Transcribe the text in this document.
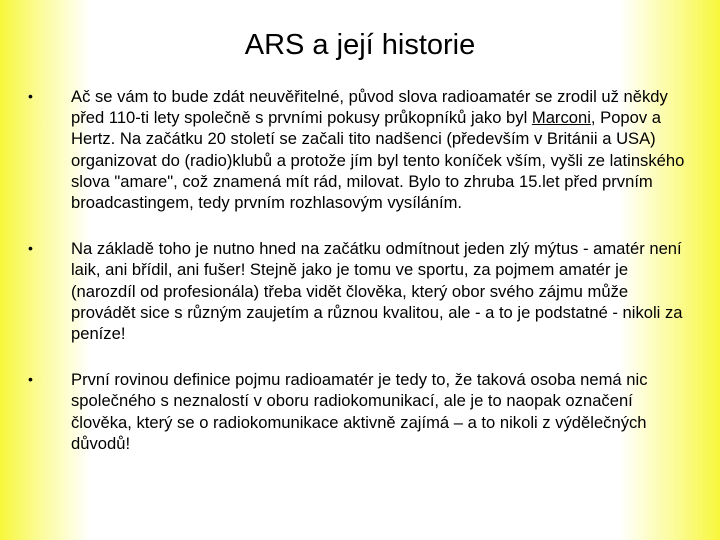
ARS a její historie
• Ač se vám to bude zdát neuvěřitelné, původ slova radioamatér se zrodil už někdy před 110-ti lety společně s prvními pokusy průkopníků jako byl Marconi, Popov a Hertz. Na začátku 20 století se začali tito nadšenci (především v Británii a USA) organizovat do (radio)klubů a protože jím byl tento koníček vším, vyšli ze latinského slova "amare", což znamená mít rád, milovat. Bylo to zhruba 15.let před prvním broadcastingem, tedy prvním rozhlasovým vysíláním.
• Na základě toho je nutno hned na začátku odmítnout jeden zlý mýtus - amatér není laik, ani břídil, ani fušer! Stejně jako je tomu ve sportu, za pojmem amatér je (narozdíl od profesionála) třeba vidět člověka, který obor svého zájmu může provádět sice s různým zaujetím a různou kvalitou, ale - a to je podstatné - nikoli za peníze!
• První rovinou definice pojmu radioamatér je tedy to, že taková osoba nemá nic společného s neznalostí v oboru radiokomunikací, ale je to naopak označení člověka, který se o radiokomunikace aktivně zajímá – a to nikoli z výdělečných důvodů!
